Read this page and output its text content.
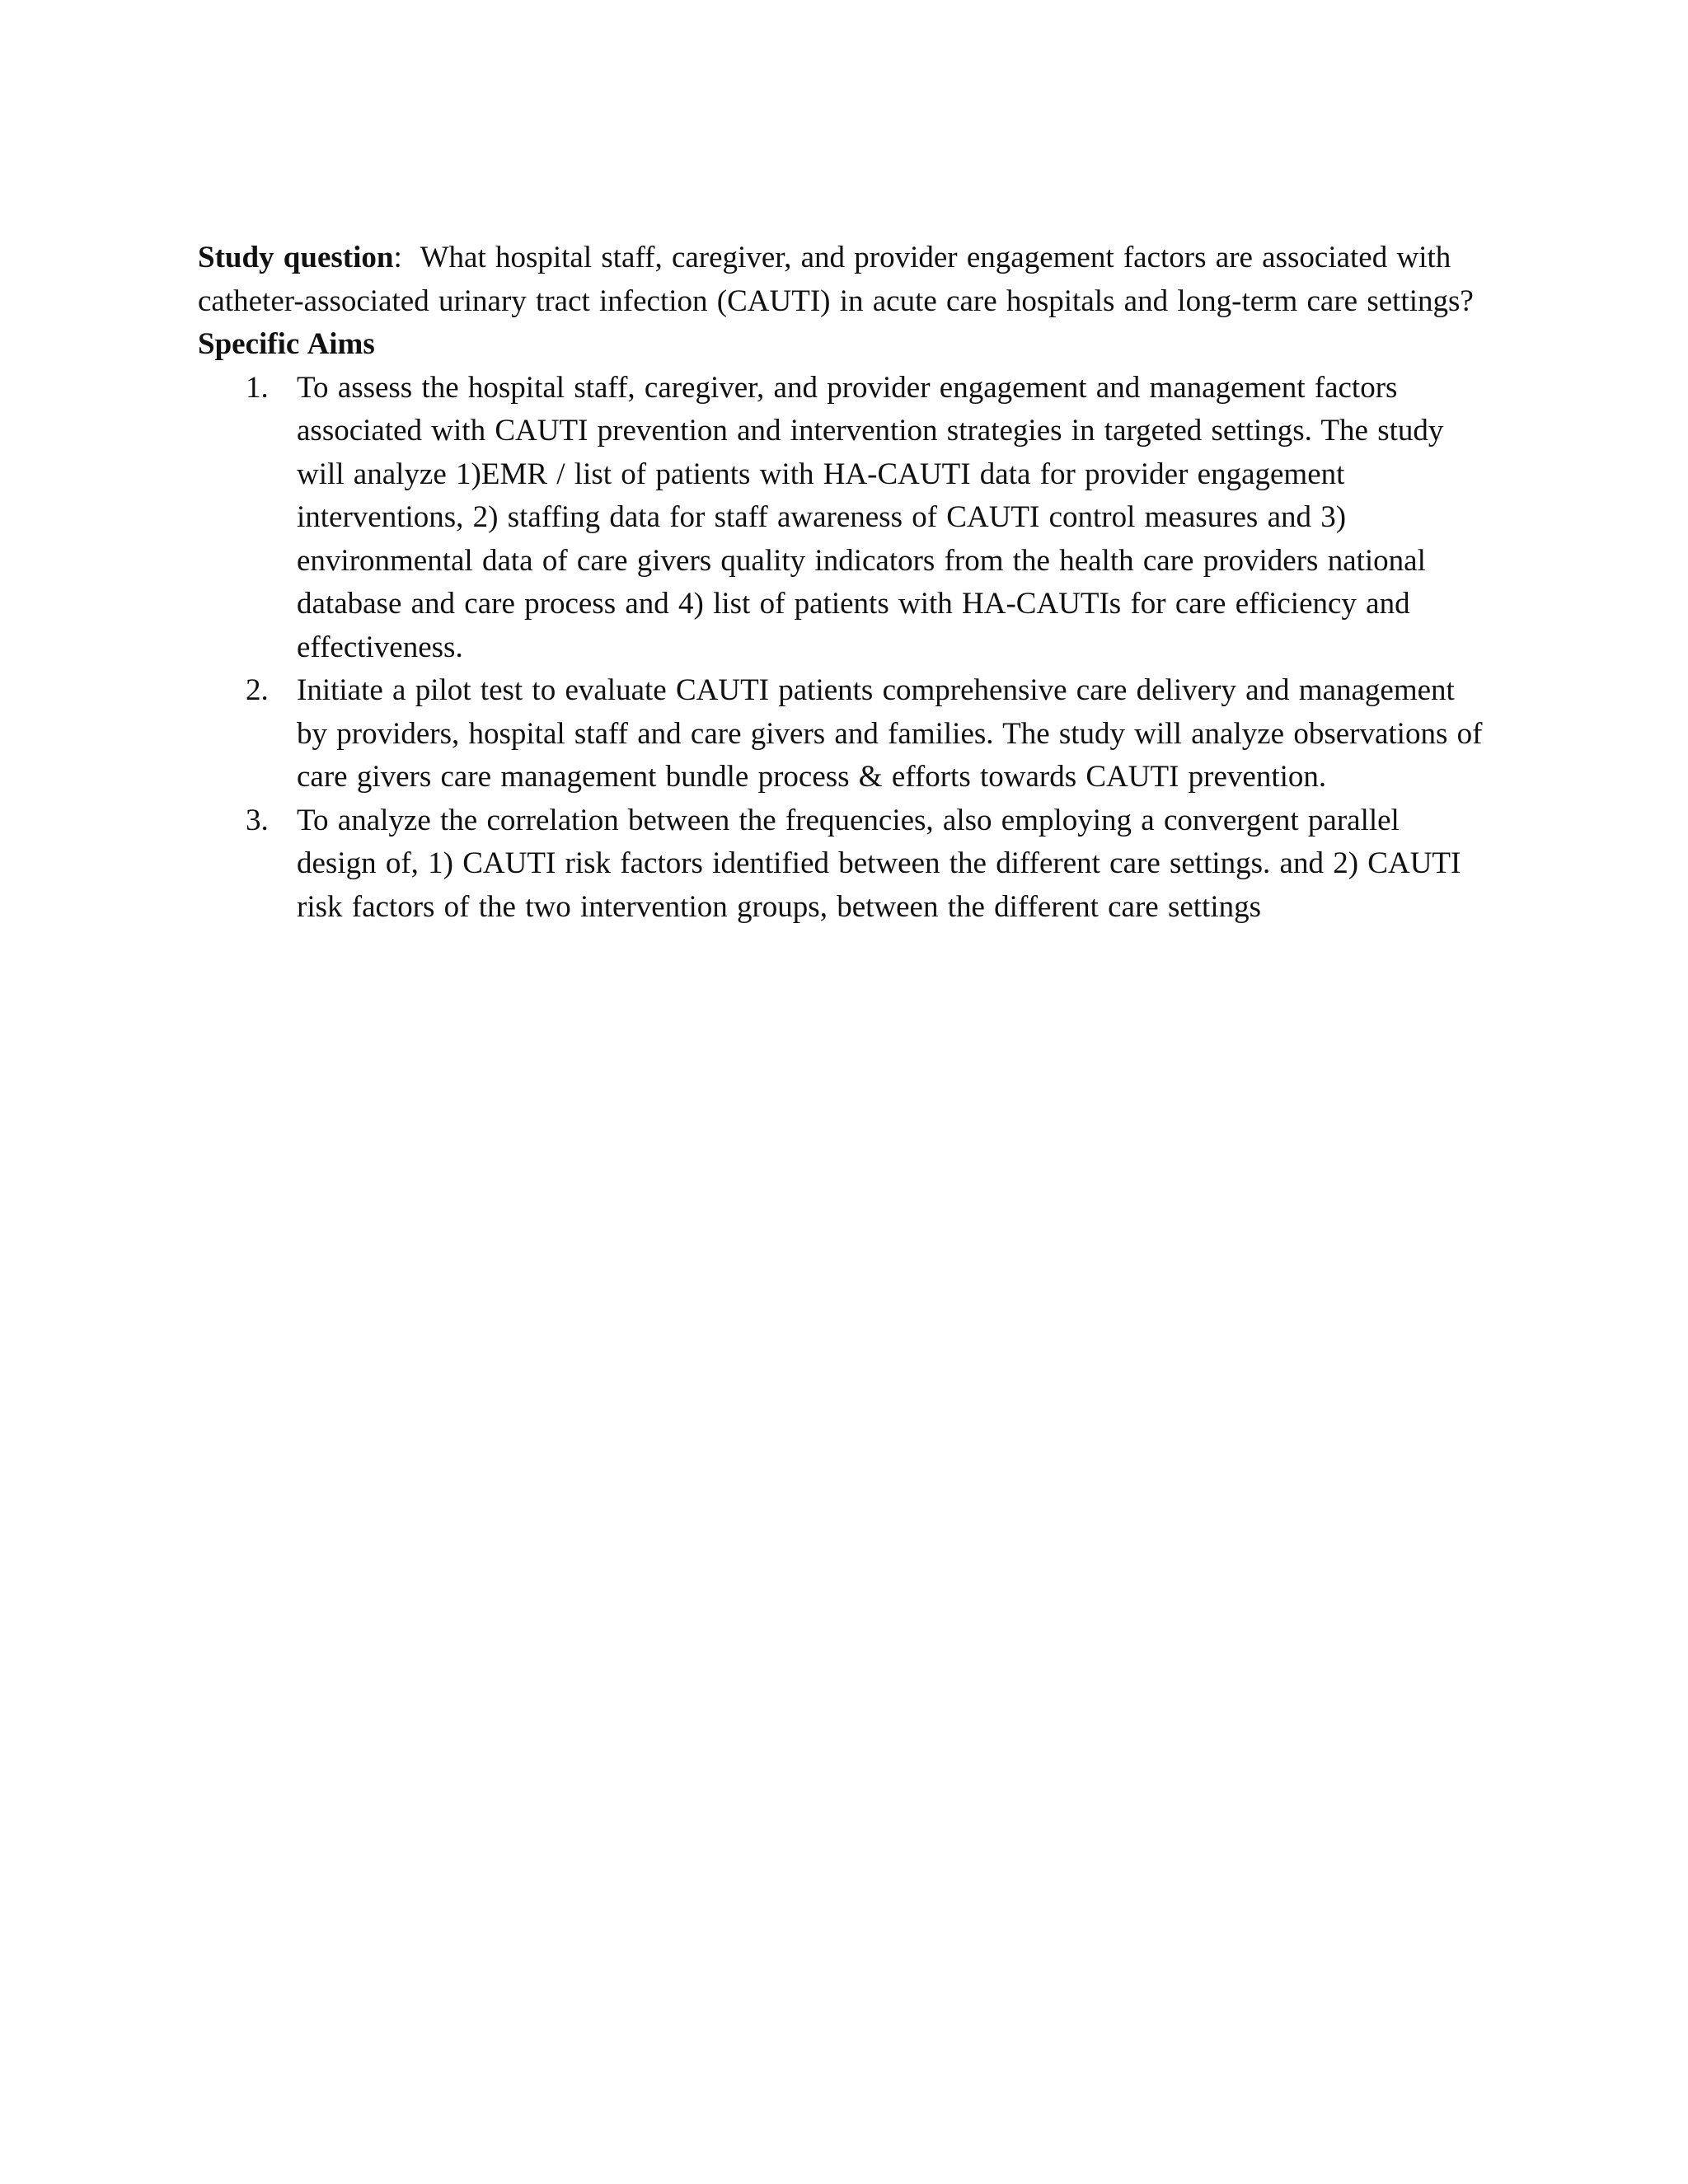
Study question: What hospital staff, caregiver, and provider engagement factors are associated with catheter-associated urinary tract infection (CAUTI) in acute care hospitals and long-term care settings?

Specific Aims

1. To assess the hospital staff, caregiver, and provider engagement and management factors associated with CAUTI prevention and intervention strategies in targeted settings. The study will analyze 1)EMR / list of patients with HA-CAUTI data for provider engagement interventions, 2) staffing data for staff awareness of CAUTI control measures and 3) environmental data of care givers quality indicators from the health care providers national database and care process and 4) list of patients with HA-CAUTIs for care efficiency and effectiveness.
2. Initiate a pilot test to evaluate CAUTI patients comprehensive care delivery and management by providers, hospital staff and care givers and families. The study will analyze observations of care givers care management bundle process & efforts towards CAUTI prevention.
3. To analyze the correlation between the frequencies, also employing a convergent parallel design of, 1) CAUTI risk factors identified between the different care settings. and 2) CAUTI risk factors of the two intervention groups, between the different care settings
